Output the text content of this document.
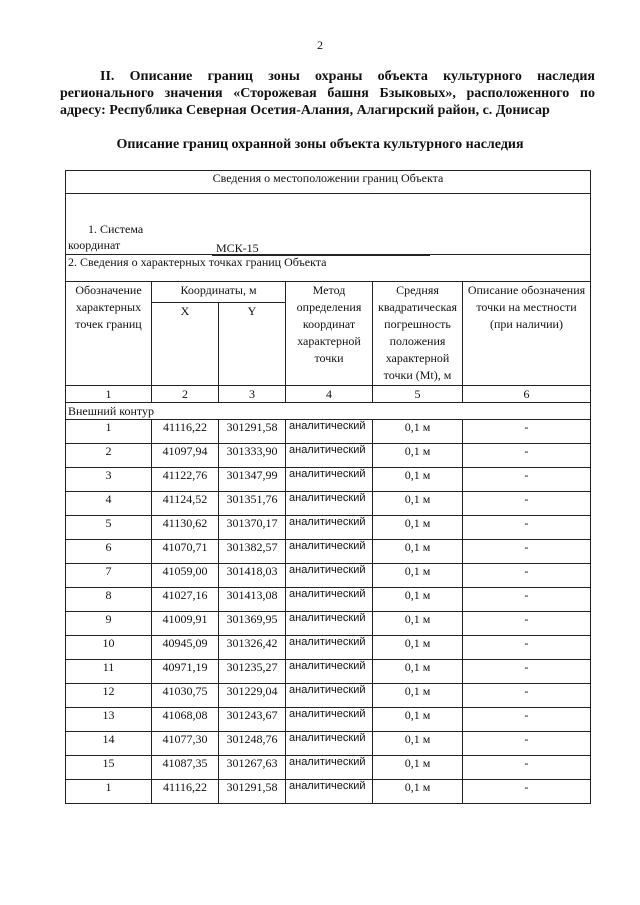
2
II. Описание границ зоны охраны объекта культурного наследия регионального значения «Сторожевая башня Бзыковых», расположенного по адресу: Республика Северная Осетия-Алания, Алагирский район, с. Донисар
Описание границ охранной зоны объекта культурного наследия
Сведения о местоположении границ Объекта					

1. Система
координат МСК-15					

2. Сведения о характерных точках границ Объекта					
Обозначение характерных точек границ	Координаты, м		Метод определения координат характерной точки	Средняя квадратическая погрешность положения характерной точки (Mt), м	Описание обозначения точки на местности (при наличии)
	X	Y			
1	2	3	4	5	6
Внешний контур					
1	41116,22	301291,58	аналитический	0,1 м	-
2	41097,94	301333,90	аналитический	0,1 м	-
3	41122,76	301347,99	аналитический	0,1 м	-
4	41124,52	301351,76	аналитический	0,1 м	-
5	41130,62	301370,17	аналитический	0,1 м	-
6	41070,71	301382,57	аналитический	0,1 м	-
7	41059,00	301418,03	аналитический	0,1 м	-
8	41027,16	301413,08	аналитический	0,1 м	-
9	41009,91	301369,95	аналитический	0,1 м	-
10	40945,09	301326,42	аналитический	0,1 м	-
11	40971,19	301235,27	аналитический	0,1 м	-
12	41030,75	301229,04	аналитический	0,1 м	-
13	41068,08	301243,67	аналитический	0,1 м	-
14	41077,30	301248,76	аналитический	0,1 м	-
15	41087,35	301267,63	аналитический	0,1 м	-
1	41116,22	301291,58	аналитический	0,1 м	-
